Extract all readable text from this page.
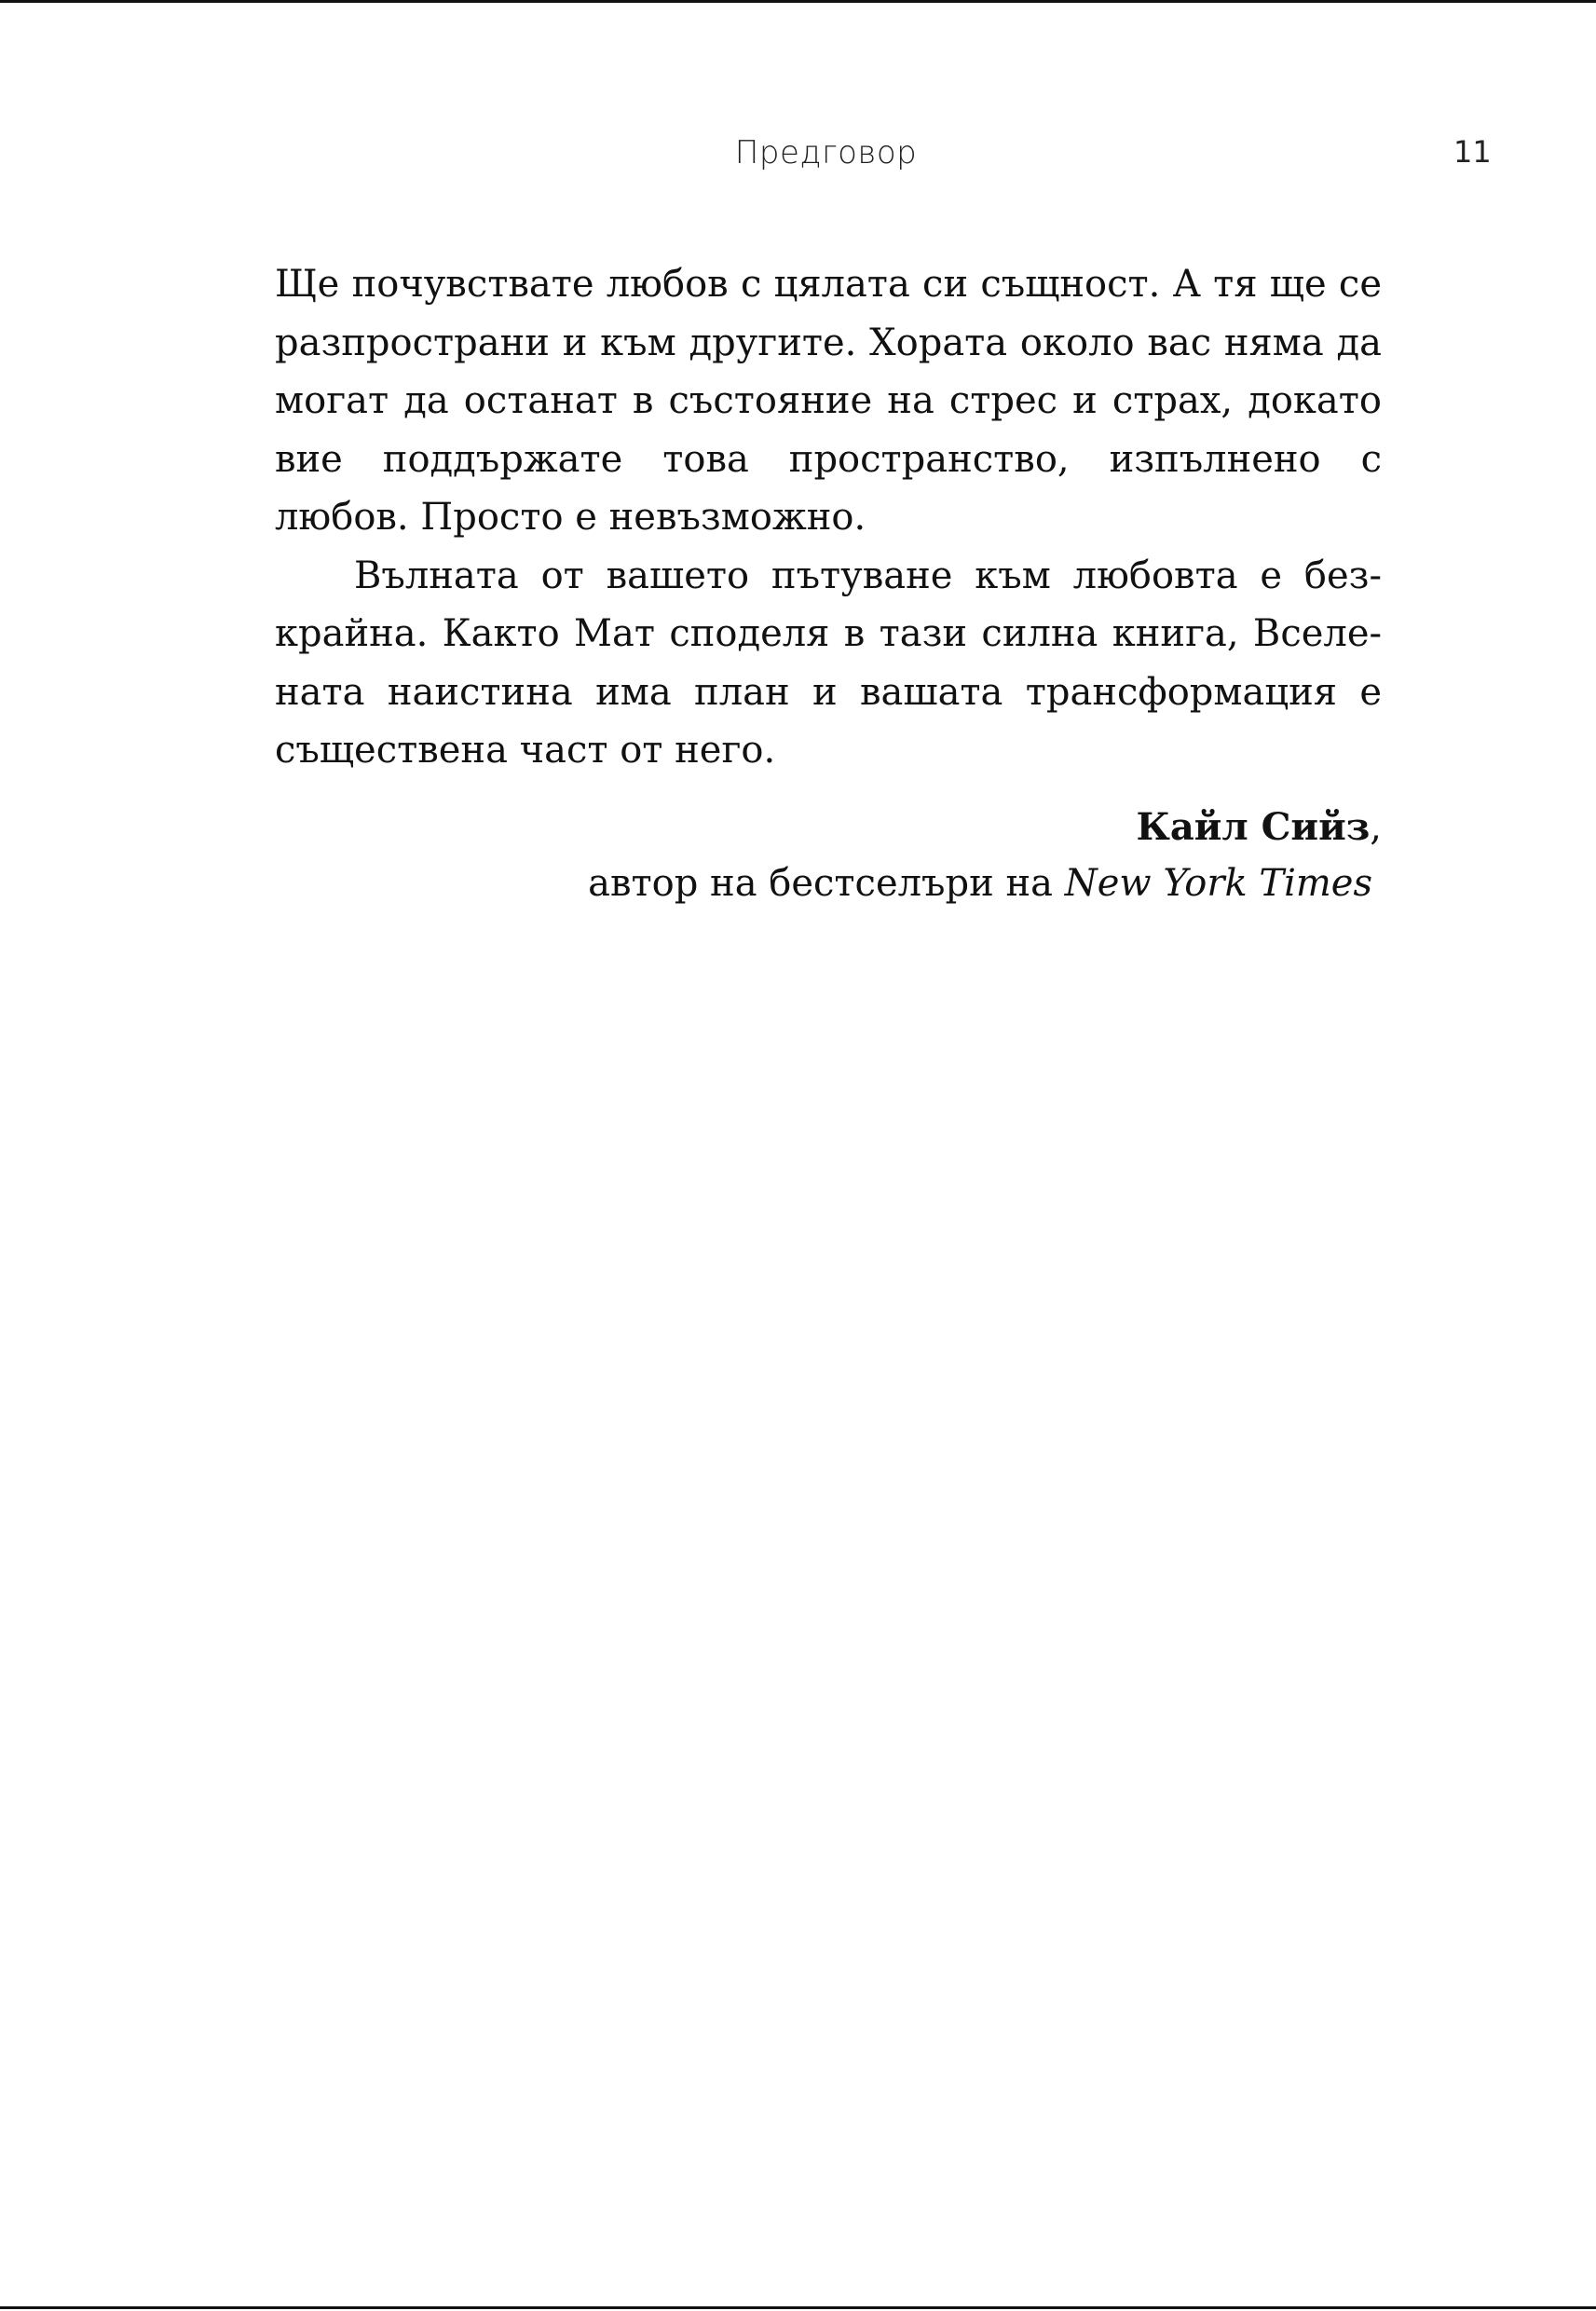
Предговор	11

Ще почувствате любов с цялата си същност. А тя ще се разпространи и към другите. Хората около вас няма да могат да останат в състояние на стрес и страх, докато вие поддържате това пространство, изпълнено с любов. Просто е невъзможно.

Вълната от вашето пътуване към любовта е безкрайна. Както Мат споделя в тази силна книга, Вселената наистина има план и вашата трансформация е съществена част от него.

Кайл Сийз,
автор на бестселъри на New York Times
